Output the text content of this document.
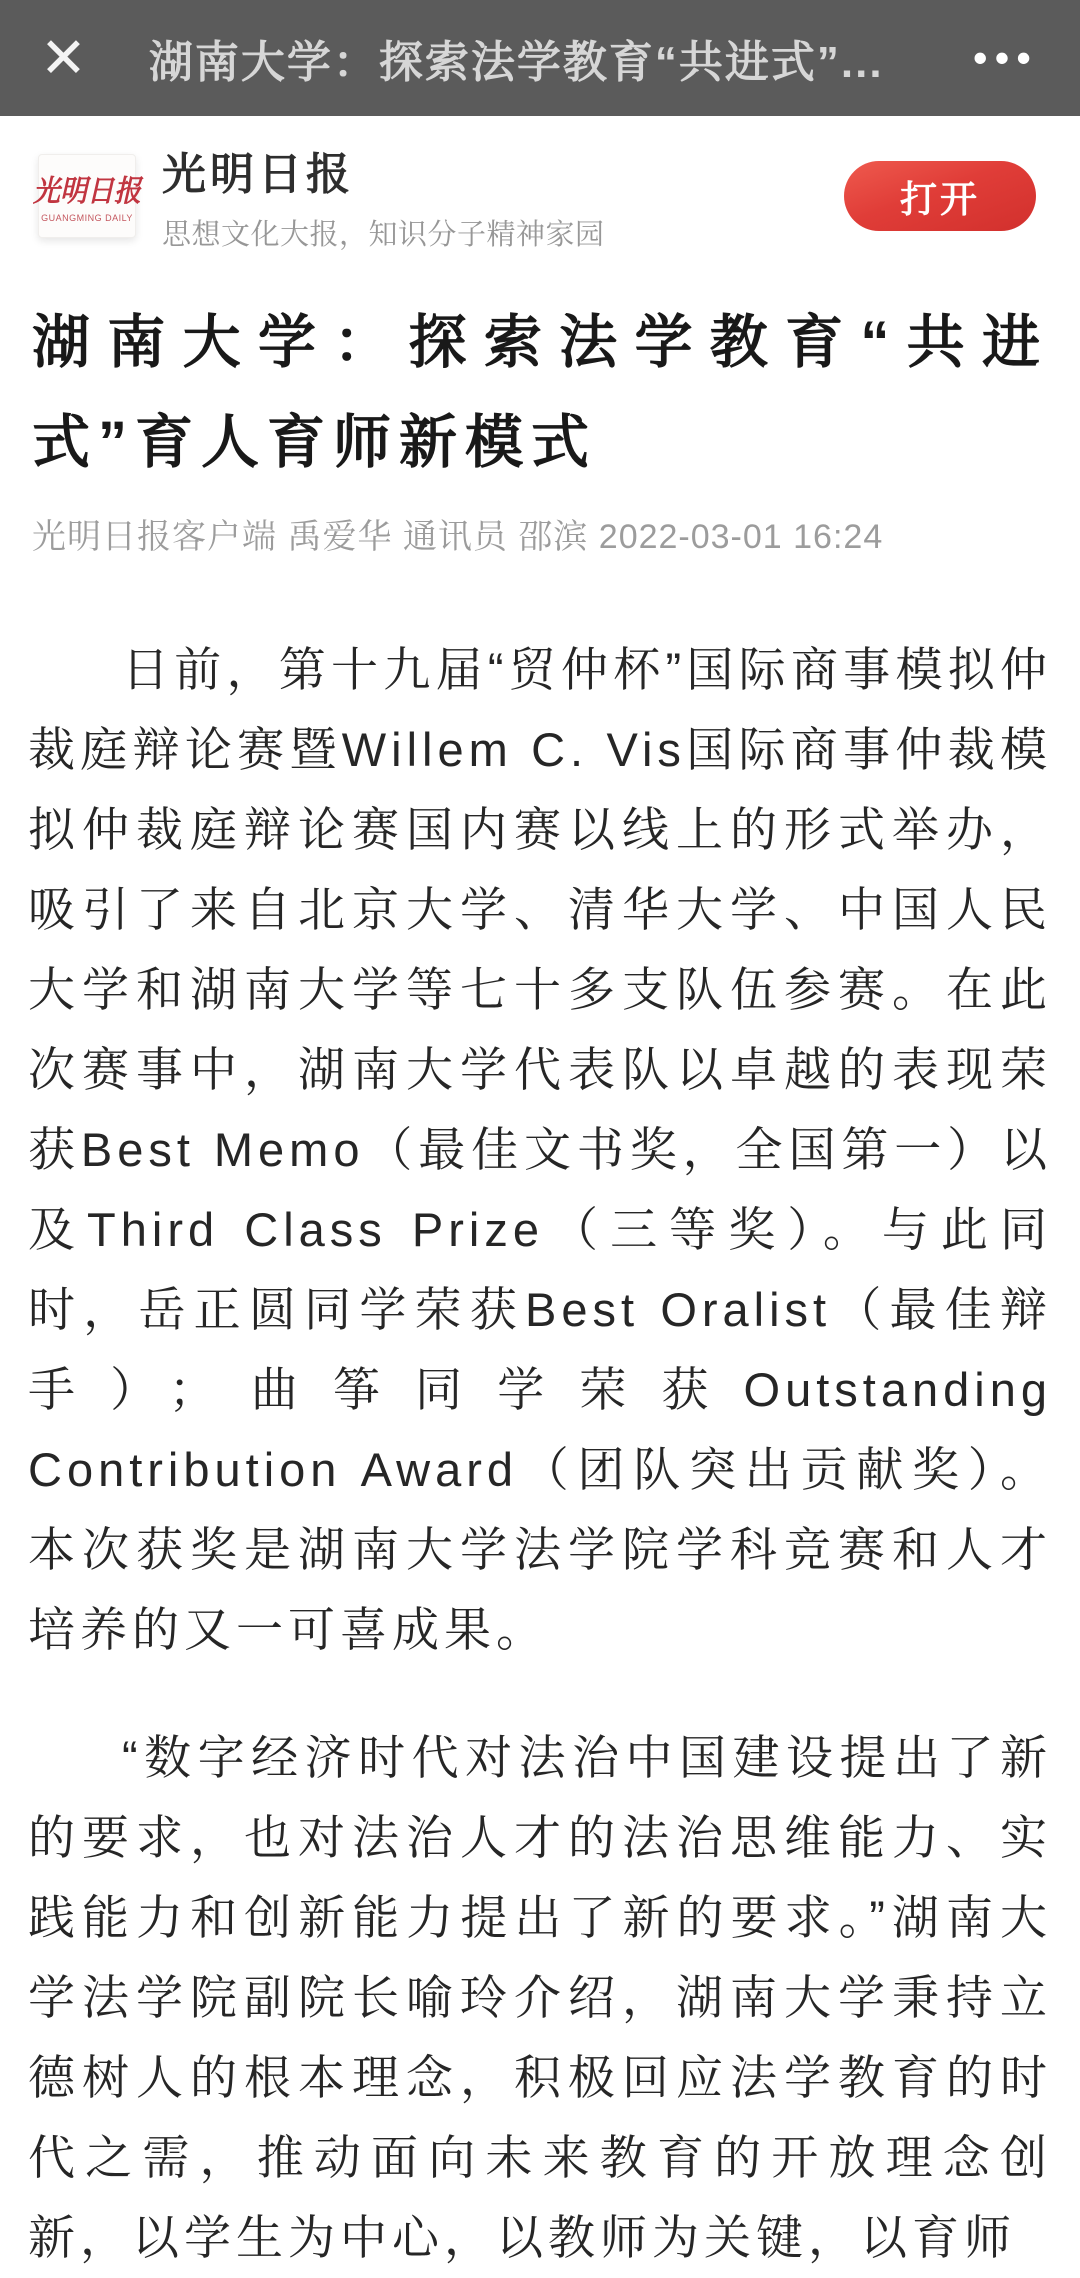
✕ 湖南大学：探索法学教育“共进式”...	•••
光明日报
GUANGMING DAILY
光明日报
思想文化大报，知识分子精神家园
打开
湖南大学：探索法学教育“共进式”育人育师新模式
光明日报客户端 禹爱华 通讯员 邵滨 2022-03-01 16:24

日前，第十九届“贸仲杯”国际商事模拟仲裁庭辩论赛暨Willem C. Vis国际商事仲裁模拟仲裁庭辩论赛国内赛以线上的形式举办，吸引了来自北京大学、清华大学、中国人民大学和湖南大学等七十多支队伍参赛。在此次赛事中，湖南大学代表队以卓越的表现荣获Best Memo（最佳文书奖，全国第一）以及Third Class Prize（三等奖）。与此同时，岳正圆同学荣获Best Oralist（最佳辩手）；曲筝同学荣获Outstanding Contribution Award（团队突出贡献奖）。本次获奖是湖南大学法学院学科竞赛和人才培养的又一可喜成果。

“数字经济时代对法治中国建设提出了新的要求，也对法治人才的法治思维能力、实践能力和创新能力提出了新的要求。”湖南大学法学院副院长喻玲介绍，湖南大学秉持立德树人的根本理念，积极回应法学教育的时代之需，推动面向未来教育的开放理念创新，以学生为中心，以教师为关键，以育师
